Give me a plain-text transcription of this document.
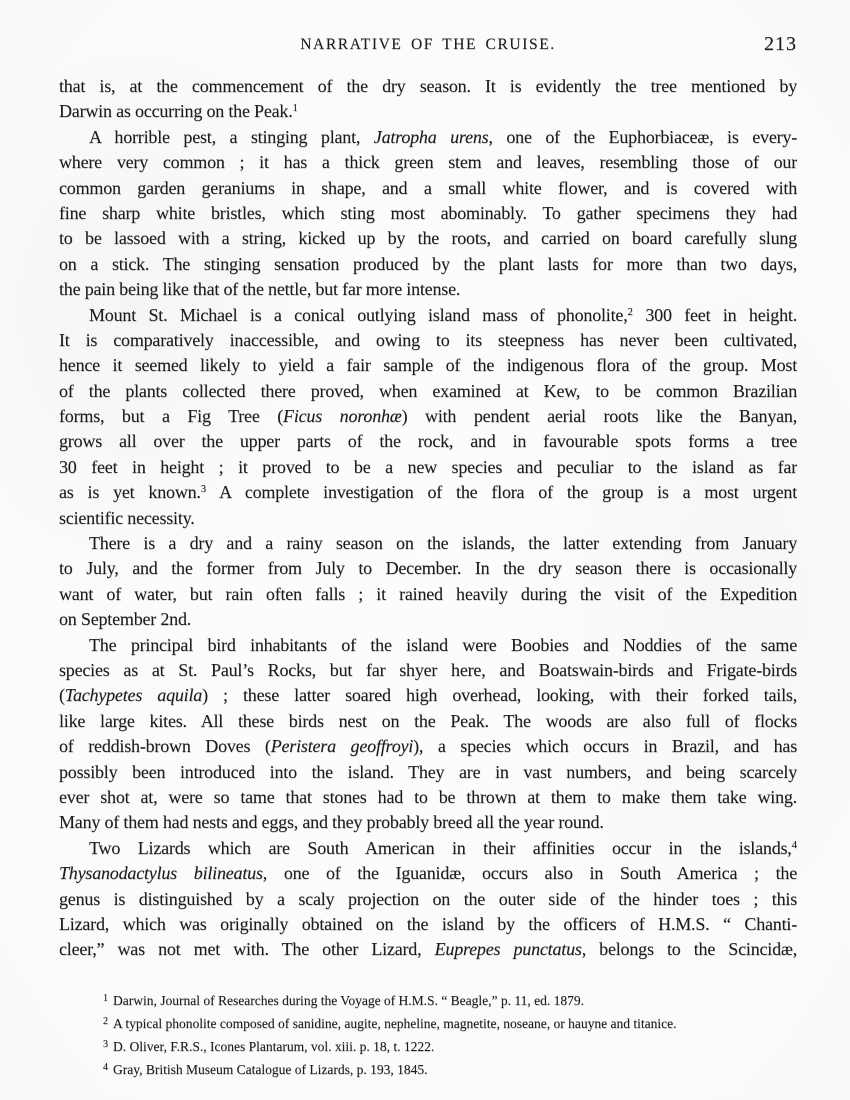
NARRATIVE OF THE CRUISE.	213
that is, at the commencement of the dry season. It is evidently the tree mentioned by
Darwin as occurring on the Peak.$^1$
A horrible pest, a stinging plant, Jatropha urens, one of the Euphorbiaceæ, is every-
where very common ; it has a thick green stem and leaves, resembling those of our
common garden geraniums in shape, and a small white flower, and is covered with
fine sharp white bristles, which sting most abominably. To gather specimens they had
to be lassoed with a string, kicked up by the roots, and carried on board carefully slung
on a stick. The stinging sensation produced by the plant lasts for more than two days,
the pain being like that of the nettle, but far more intense.
Mount St. Michael is a conical outlying island mass of phonolite,$^2$ 300 feet in height.
It is comparatively inaccessible, and owing to its steepness has never been cultivated,
hence it seemed likely to yield a fair sample of the indigenous flora of the group. Most
of the plants collected there proved, when examined at Kew, to be common Brazilian
forms, but a Fig Tree (Ficus noronhæ) with pendent aerial roots like the Banyan,
grows all over the upper parts of the rock, and in favourable spots forms a tree
30 feet in height ; it proved to be a new species and peculiar to the island as far
as is yet known.$^3$ A complete investigation of the flora of the group is a most urgent
scientific necessity.
There is a dry and a rainy season on the islands, the latter extending from January
to July, and the former from July to December. In the dry season there is occasionally
want of water, but rain often falls ; it rained heavily during the visit of the Expedition
on September 2nd.
The principal bird inhabitants of the island were Boobies and Noddies of the same
species as at St. Paul’s Rocks, but far shyer here, and Boatswain-birds and Frigate-birds
(Tachypetes aquila) ; these latter soared high overhead, looking, with their forked tails,
like large kites. All these birds nest on the Peak. The woods are also full of flocks
of reddish-brown Doves (Peristera geoffroyi), a species which occurs in Brazil, and has
possibly been introduced into the island. They are in vast numbers, and being scarcely
ever shot at, were so tame that stones had to be thrown at them to make them take wing.
Many of them had nests and eggs, and they probably breed all the year round.
Two Lizards which are South American in their affinities occur in the islands,$^4$
Thysanodactylus bilineatus, one of the Iguanidæ, occurs also in South America ; the
genus is distinguished by a scaly projection on the outer side of the hinder toes ; this
Lizard, which was originally obtained on the island by the officers of H.M.S. “ Chanti-
cleer,” was not met with. The other Lizard, Euprepes punctatus, belongs to the Scincidæ,
$^1$ Darwin, Journal of Researches during the Voyage of H.M.S. “ Beagle,” p. 11, ed. 1879.
$^2$ A typical phonolite composed of sanidine, augite, nepheline, magnetite, noseane, or hauyne and titanice.
$^3$ D. Oliver, F.R.S., Icones Plantarum, vol. xiii. p. 18, t. 1222.
$^4$ Gray, British Museum Catalogue of Lizards, p. 193, 1845.
